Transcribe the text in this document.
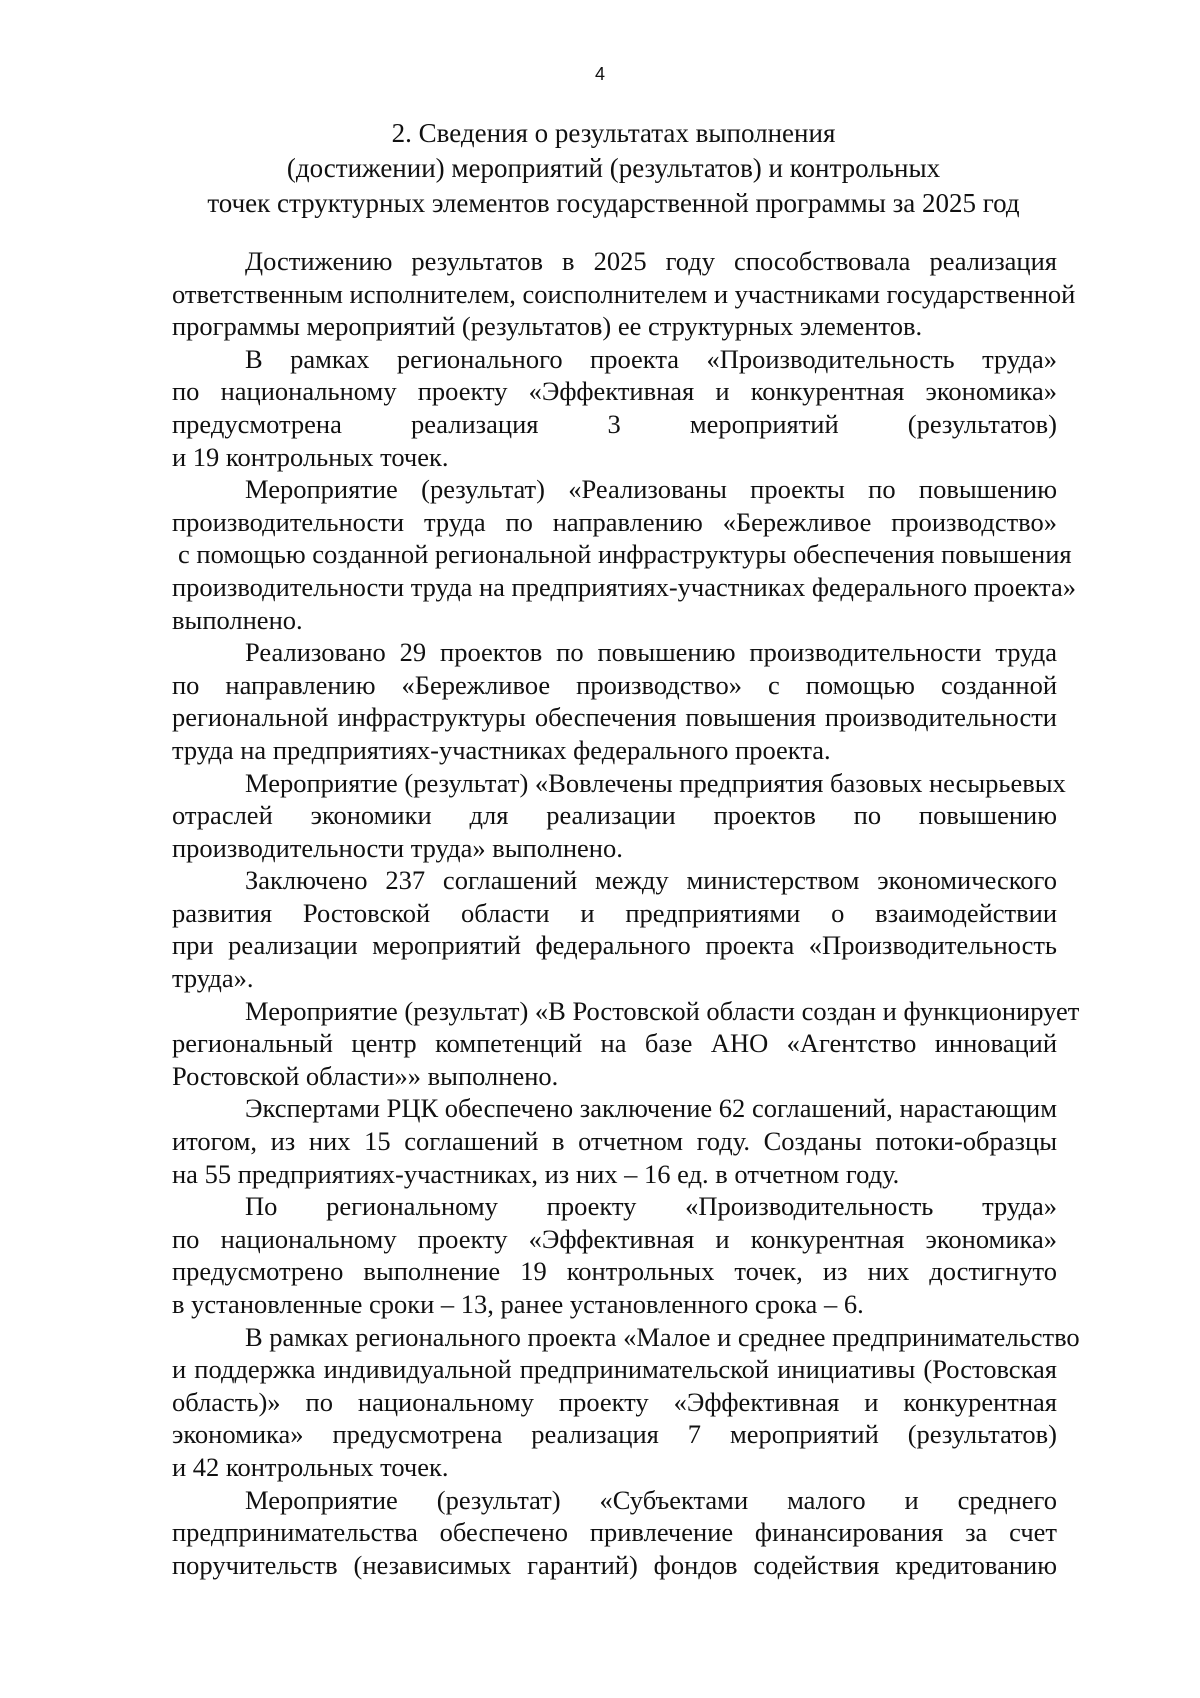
4
2. Сведения о результатах выполнения
(достижении) мероприятий (результатов) и контрольных
точек структурных элементов государственной программы за 2025 год
Достижению результатов в 2025 году способствовала реализация
ответственным исполнителем, соисполнителем и участниками государственной
программы мероприятий (результатов) ее структурных элементов.
В рамках регионального проекта «Производительность труда»
по национальному проекту «Эффективная и конкурентная экономика»
предусмотрена реализация 3 мероприятий (результатов)
и 19 контрольных точек.
Мероприятие (результат) «Реализованы проекты по повышению
производительности труда по направлению «Бережливое производство»
с помощью созданной региональной инфраструктуры обеспечения повышения
производительности труда на предприятиях-участниках федерального проекта»
выполнено.
Реализовано 29 проектов по повышению производительности труда
по направлению «Бережливое производство» с помощью созданной
региональной инфраструктуры обеспечения повышения производительности
труда на предприятиях-участниках федерального проекта.
Мероприятие (результат) «Вовлечены предприятия базовых несырьевых
отраслей экономики для реализации проектов по повышению
производительности труда» выполнено.
Заключено 237 соглашений между министерством экономического
развития Ростовской области и предприятиями о взаимодействии
при реализации мероприятий федерального проекта «Производительность
труда».
Мероприятие (результат) «В Ростовской области создан и функционирует
региональный центр компетенций на базе АНО «Агентство инноваций
Ростовской области»» выполнено.
Экспертами РЦК обеспечено заключение 62 соглашений, нарастающим
итогом, из них 15 соглашений в отчетном году. Созданы потоки-образцы
на 55 предприятиях-участниках, из них – 16 ед. в отчетном году.
По региональному проекту «Производительность труда»
по национальному проекту «Эффективная и конкурентная экономика»
предусмотрено выполнение 19 контрольных точек, из них достигнуто
в установленные сроки – 13, ранее установленного срока – 6.
В рамках регионального проекта «Малое и среднее предпринимательство
и поддержка индивидуальной предпринимательской инициативы (Ростовская
область)» по национальному проекту «Эффективная и конкурентная
экономика» предусмотрена реализация 7 мероприятий (результатов)
и 42 контрольных точек.
Мероприятие (результат) «Субъектами малого и среднего
предпринимательства обеспечено привлечение финансирования за счет
поручительств (независимых гарантий) фондов содействия кредитованию
